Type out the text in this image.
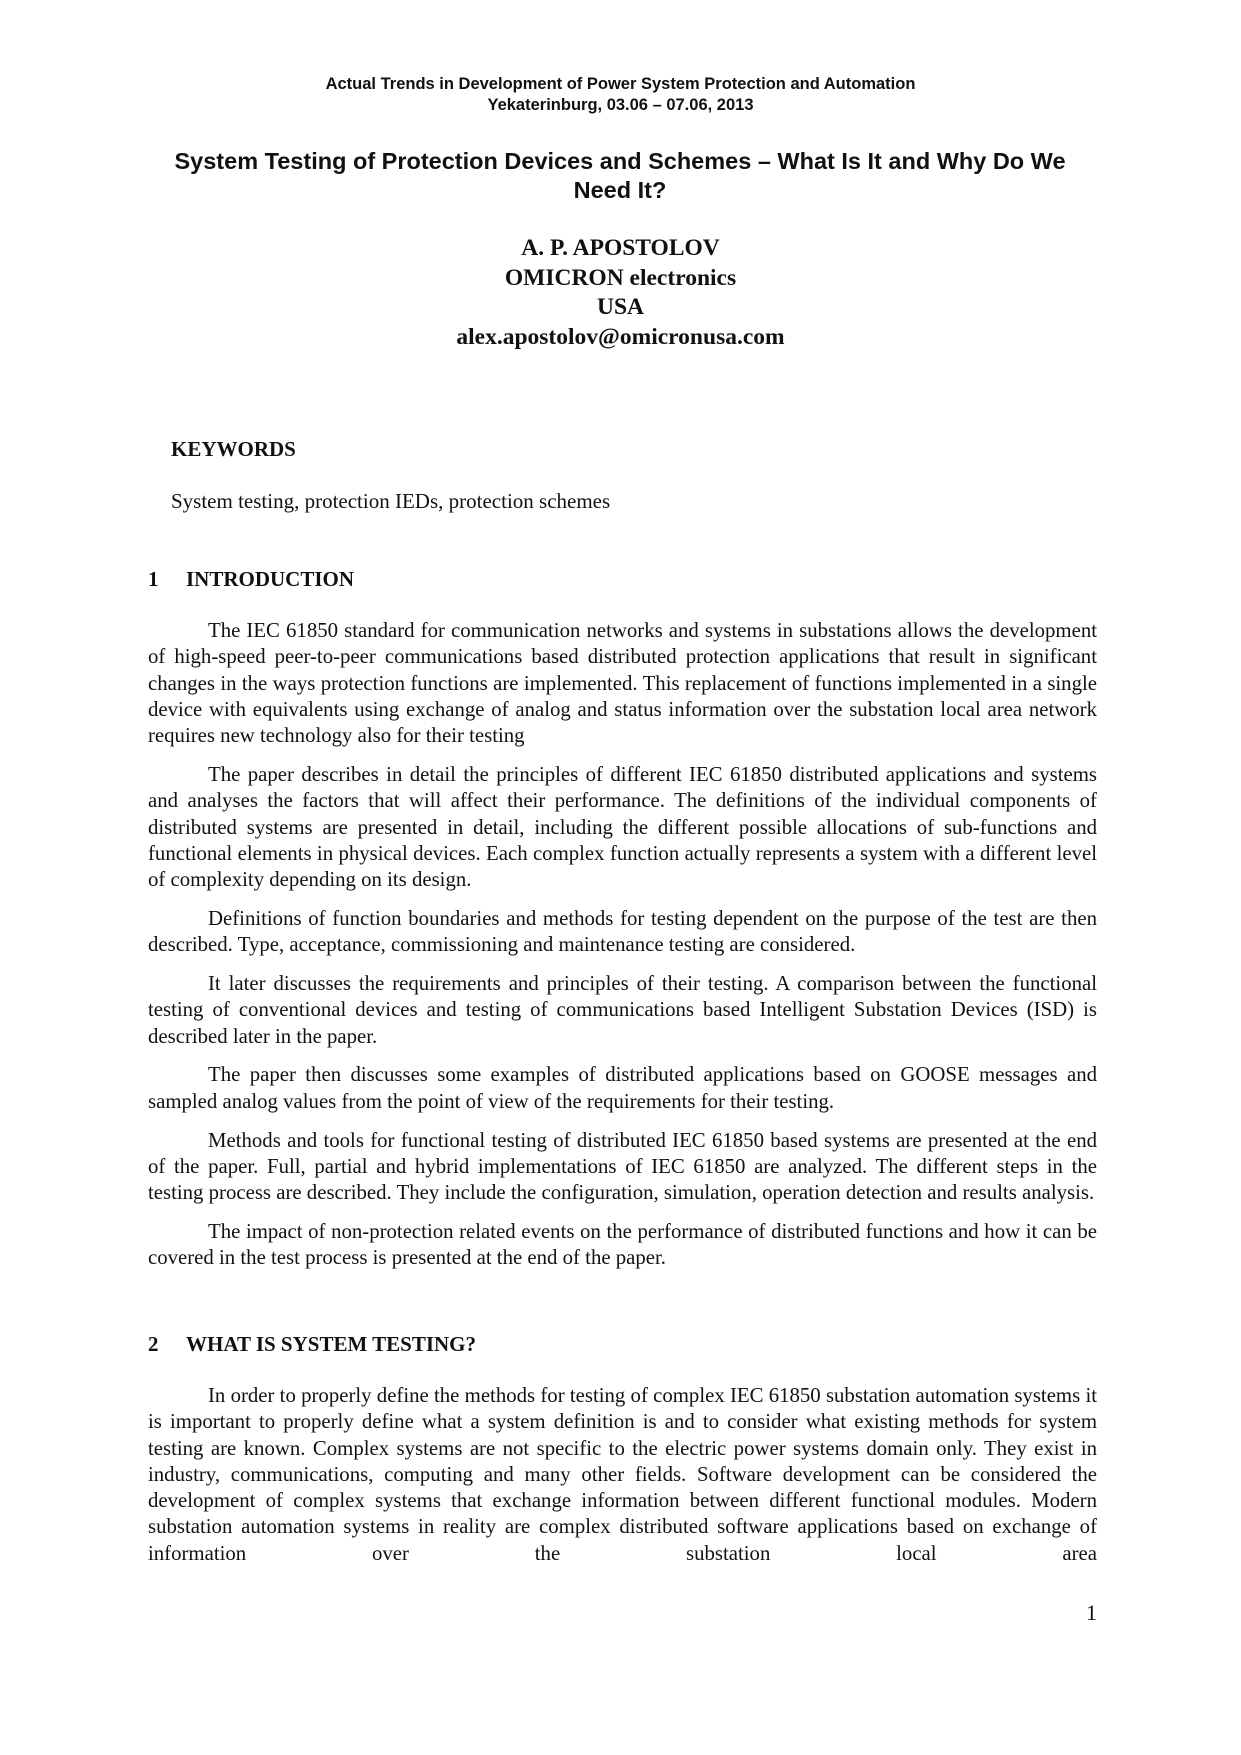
Actual Trends in Development of Power System Protection and Automation
Yekaterinburg, 03.06 – 07.06, 2013
System Testing of Protection Devices and Schemes – What Is It and Why Do We Need It?
A. P. APOSTOLOV
OMICRON electronics
USA
alex.apostolov@omicronusa.com
KEYWORDS
System testing, protection IEDs, protection schemes
1 INTRODUCTION

The IEC 61850 standard for communication networks and systems in substations allows the development of high-speed peer-to-peer communications based distributed protection applications that result in significant changes in the ways protection functions are implemented. This replacement of functions implemented in a single device with equivalents using exchange of analog and status information over the substation local area network requires new technology also for their testing

The paper describes in detail the principles of different IEC 61850 distributed applications and systems and analyses the factors that will affect their performance. The definitions of the individual components of distributed systems are presented in detail, including the different possible allocations of sub-functions and functional elements in physical devices. Each complex function actually represents a system with a different level of complexity depending on its design.

Definitions of function boundaries and methods for testing dependent on the purpose of the test are then described. Type, acceptance, commissioning and maintenance testing are considered.

It later discusses the requirements and principles of their testing. A comparison between the functional testing of conventional devices and testing of communications based Intelligent Substation Devices (ISD) is described later in the paper.

The paper then discusses some examples of distributed applications based on GOOSE messages and sampled analog values from the point of view of the requirements for their testing.

Methods and tools for functional testing of distributed IEC 61850 based systems are presented at the end of the paper. Full, partial and hybrid implementations of IEC 61850 are analyzed. The different steps in the testing process are described. They include the configuration, simulation, operation detection and results analysis.

The impact of non-protection related events on the performance of distributed functions and how it can be covered in the test process is presented at the end of the paper.

2 WHAT IS SYSTEM TESTING?

In order to properly define the methods for testing of complex IEC 61850 substation automation systems it is important to properly define what a system definition is and to consider what existing methods for system testing are known. Complex systems are not specific to the electric power systems domain only. They exist in industry, communications, computing and many other fields. Software development can be considered the development of complex systems that exchange information between different functional modules. Modern substation automation systems in reality are complex distributed software applications based on exchange of information over the substation local area

1
